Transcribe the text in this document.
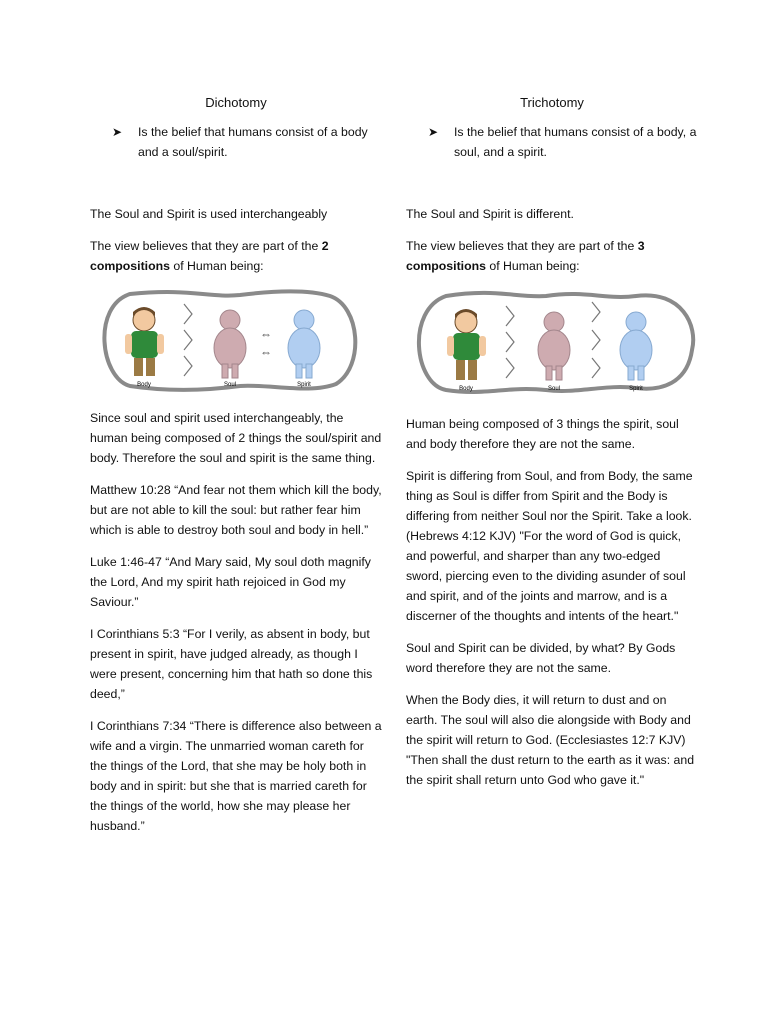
Dichotomy

➤	Is the belief that humans consist of a body and a soul/spirit.

The Soul and Spirit is used interchangeably

The view believes that they are part of the 2 compositions of Human being:

Body	Soul
⇔
⇔
Spirit

Since soul and spirit used interchangeably, the human being composed of 2 things the soul/spirit and body. Therefore the soul and spirit is the same thing.

Matthew 10:28 “And fear not them which kill the body, but are not able to kill the soul: but rather fear him which is able to destroy both soul and body in hell.”

Luke 1:46-47 “And Mary said, My soul doth magnify the Lord, And my spirit hath rejoiced in God my Saviour.”

I Corinthians 5:3 “For I verily, as absent in body, but present in spirit, have judged already, as though I were present, concerning him that hath so done this deed,”

I Corinthians 7:34 “There is difference also between a wife and a virgin. The unmarried woman careth for the things of the Lord, that she may be holy both in body and in spirit: but she that is married careth for the things of the world, how she may please her husband.”

Trichotomy

➤	Is the belief that humans consist of a body, a soul, and a spirit.

The Soul and Spirit is different.

The view believes that they are part of the 3 compositions of Human being:

Body	Soul	Spirit

Human being composed of 3 things the spirit, soul and body therefore they are not the same.

Spirit is differing from Soul, and from Body, the same thing as Soul is differ from Spirit and the Body is differing from neither Soul nor the Spirit. Take a look. (Hebrews 4:12 KJV) "For the word of God is quick, and powerful, and sharper than any two-edged sword, piercing even to the dividing asunder of soul and spirit, and of the joints and marrow, and is a discerner of the thoughts and intents of the heart."

Soul and Spirit can be divided, by what? By Gods word therefore they are not the same.

When the Body dies, it will return to dust and on earth. The soul will also die alongside with Body and the spirit will return to God. (Ecclesiastes 12:7 KJV) "Then shall the dust return to the earth as it was: and the spirit shall return unto God who gave it."
